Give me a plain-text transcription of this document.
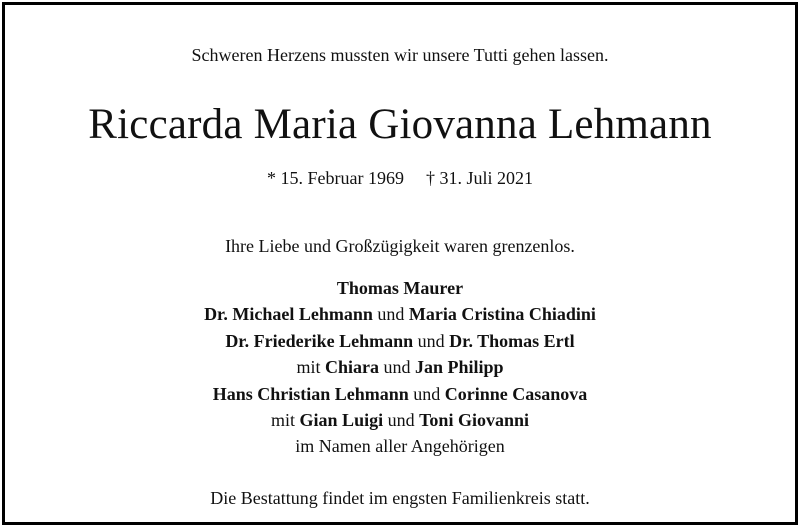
Schweren Herzens mussten wir unsere Tutti gehen lassen.
Riccarda Maria Giovanna Lehmann
* 15. Februar 1969 † 31. Juli 2021
Ihre Liebe und Großzügigkeit waren grenzenlos.
Thomas Maurer
Dr. Michael Lehmann und Maria Cristina Chiadini
Dr. Friederike Lehmann und Dr. Thomas Ertl
mit Chiara und Jan Philipp
Hans Christian Lehmann und Corinne Casanova
mit Gian Luigi und Toni Giovanni
im Namen aller Angehörigen
Die Bestattung findet im engsten Familienkreis statt.
